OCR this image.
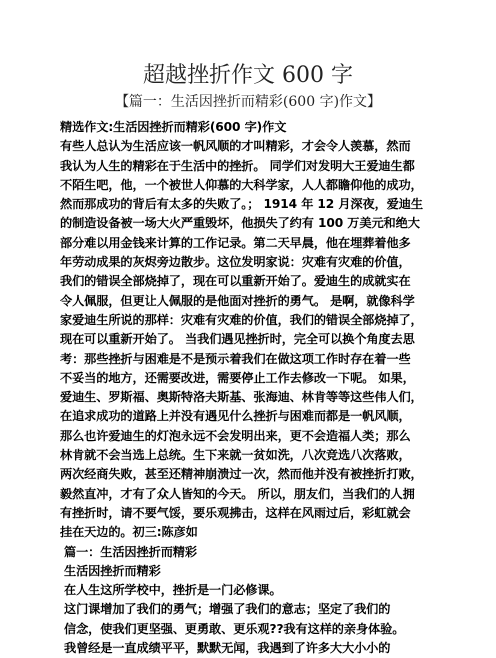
超越挫折作文 600 字
【篇一：生活因挫折而精彩(600 字)作文】
精选作文:生活因挫折而精彩(600 字)作文
有些人总认为生活应该一帆风顺的才叫精彩，才会令人羡慕，然而
我认为人生的精彩在于生活中的挫折。 同学们对发明大王爱迪生都
不陌生吧，他，一个被世人仰慕的大科学家，人人都瞻仰他的成功，
然而那成功的背后有太多的失败了。； 1914 年 12 月深夜，爱迪生
的制造设备被一场大火严重毁坏，他损失了约有 100 万美元和绝大
部分难以用金钱来计算的工作记录。第二天早晨，他在埋葬着他多
年劳动成果的灰烬旁边散步。这位发明家说：灾难有灾难的价值，
我们的错误全部烧掉了，现在可以重新开始了。爱迪生的成就实在
令人佩服，但更让人佩服的是他面对挫折的勇气。 是啊，就像科学
家爱迪生所说的那样：灾难有灾难的价值，我们的错误全部烧掉了，
现在可以重新开始了。 当我们遇见挫折时，完全可以换个角度去思
考：那些挫折与困难是不是预示着我们在做这项工作时存在着一些
不妥当的地方，还需要改进，需要停止工作去修改一下呢。 如果，
爱迪生、罗斯福、奥斯特洛夫斯基、张海迪、林肯等等这些伟人们，
在追求成功的道路上并没有遇见什么挫折与困难而都是一帆风顺，
那么也许爱迪生的灯泡永远不会发明出来，更不会造福人类；那么
林肯就不会当选上总统。生下来就一贫如洗，八次竞选八次落败，
两次经商失败，甚至还精神崩溃过一次，然而他并没有被挫折打败，
毅然直冲，才有了众人皆知的今天。 所以，朋友们，当我们的人拥
有挫折时，请不要气馁，要乐观拂击，这样在风雨过后，彩虹就会
挂在天边的。初三:陈彦如
篇一：生活因挫折而精彩
生活因挫折而精彩
在人生这所学校中，挫折是一门必修课。
这门课增加了我们的勇气；增强了我们的意志；坚定了我们的
信念，使我们更坚强、更勇敢、更乐观??我有这样的亲身体验。
我曾经是一直成绩平平，默默无闻，我遇到了许多大大小小的
